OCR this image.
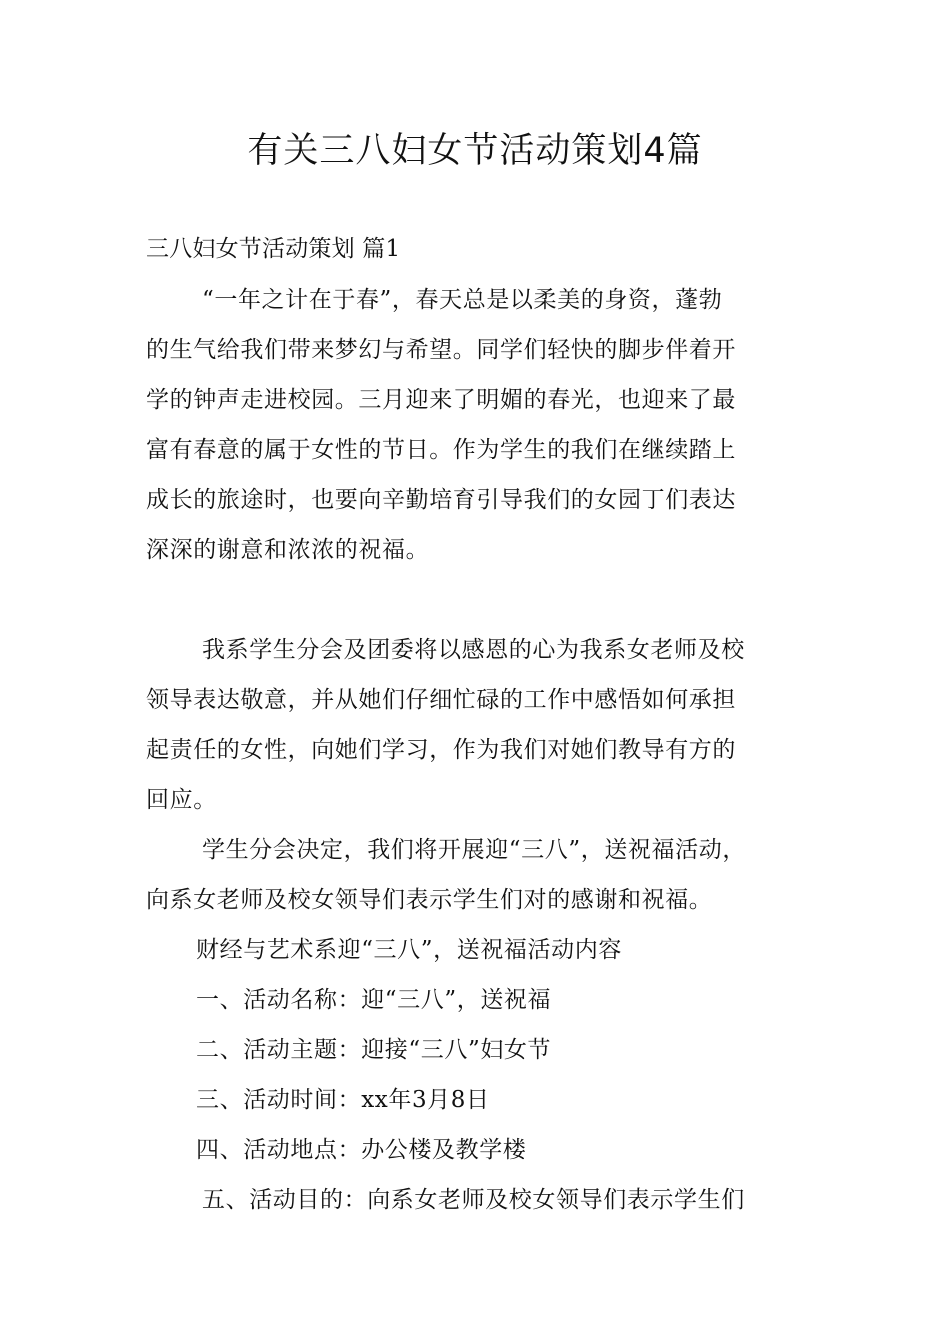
有关三八妇女节活动策划4篇

三八妇女节活动策划 篇1

“一年之计在于春”，春天总是以柔美的身资，蓬勃

的生气给我们带来梦幻与希望。同学们轻快的脚步伴着开

学的钟声走进校园。三月迎来了明媚的春光，也迎来了最

富有春意的属于女性的节日。作为学生的我们在继续踏上

成长的旅途时，也要向辛勤培育引导我们的女园丁们表达

深深的谢意和浓浓的祝福。

我系学生分会及团委将以感恩的心为我系女老师及校

领导表达敬意，并从她们仔细忙碌的工作中感悟如何承担

起责任的女性，向她们学习，作为我们对她们教导有方的

回应。

学生分会决定，我们将开展迎“三八”，送祝福活动，

向系女老师及校女领导们表示学生们对的感谢和祝福。

财经与艺术系迎“三八”，送祝福活动内容

一、活动名称：迎“三八”，送祝福

二、活动主题：迎接“三八”妇女节

三、活动时间：xx年3月8日

四、活动地点：办公楼及教学楼

五、活动目的：向系女老师及校女领导们表示学生们
